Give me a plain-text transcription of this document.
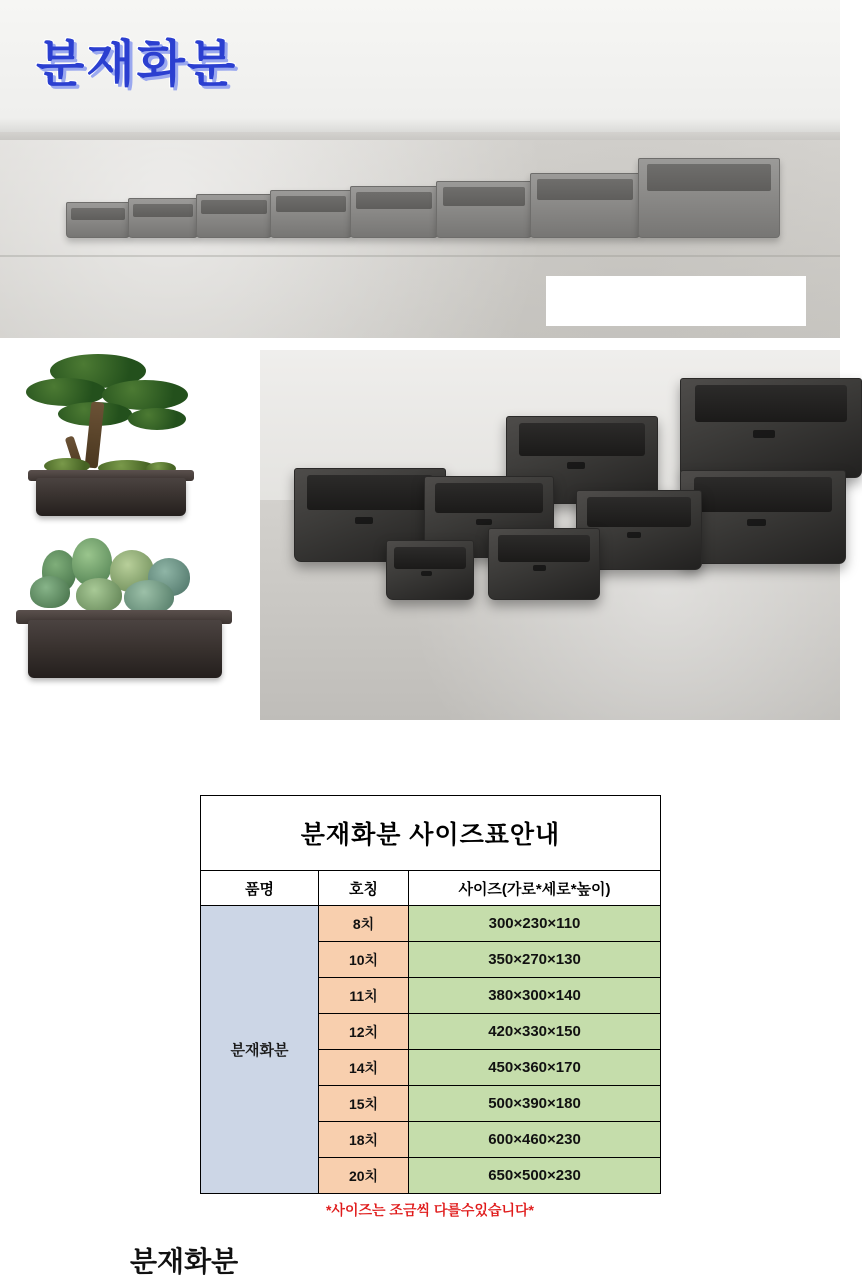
분재화분
분재화분 사이즈표안내		
품명	호칭	사이즈(가로*세로*높이)
분재화분	8치	300×230×110
	10치	350×270×130
	11치	380×300×140
	12치	420×330×150
	14치	450×360×170
	15치	500×390×180
	18치	600×460×230
	20치	650×500×230
*사이즈는 조금씩 다를수있습니다*
분재화분
